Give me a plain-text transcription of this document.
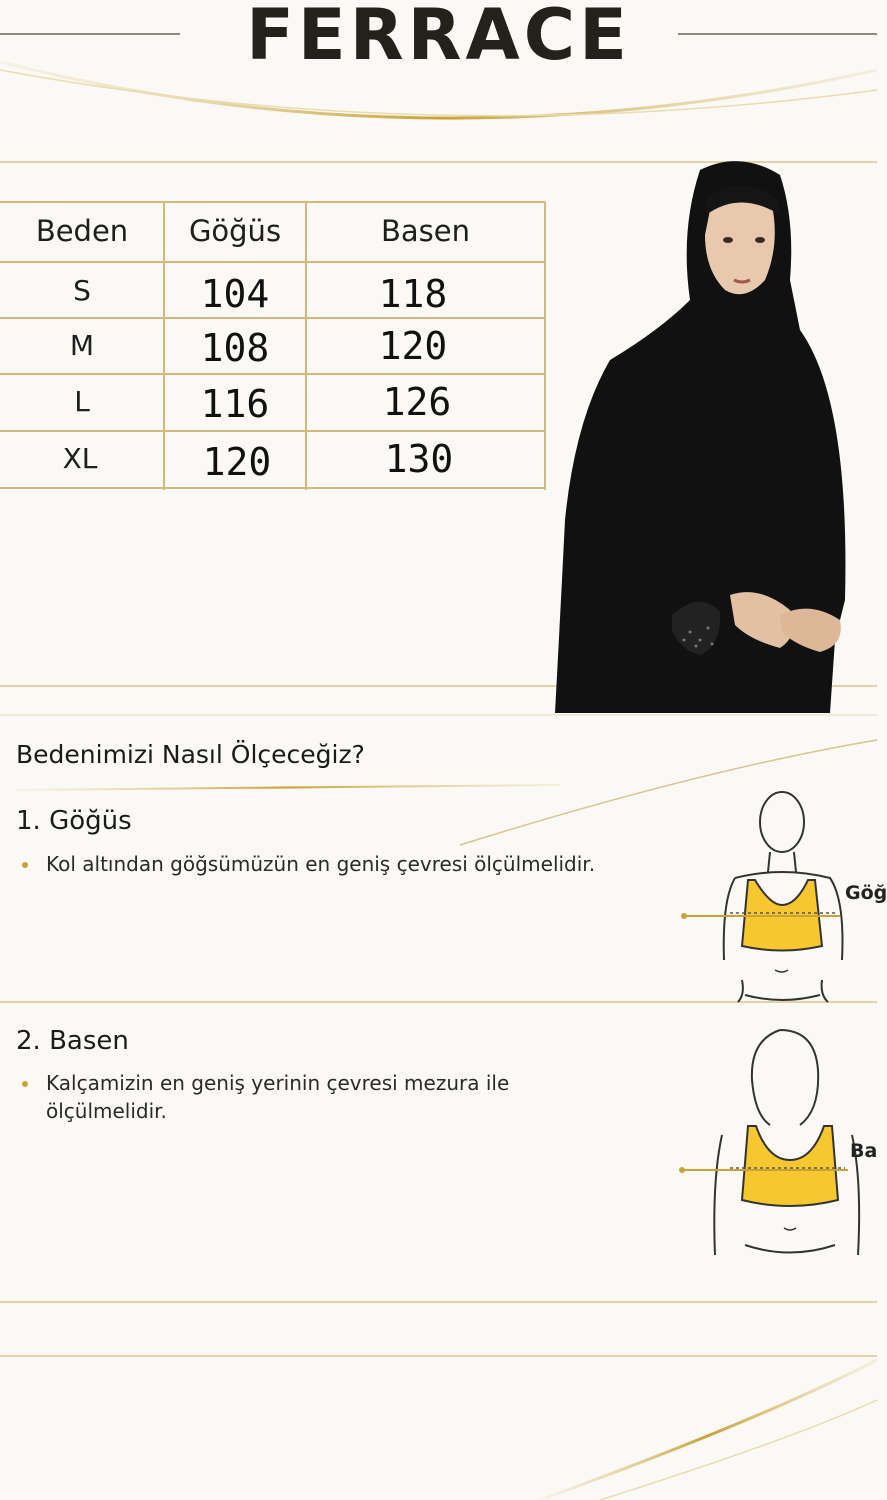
FERRACE
Beden	Göğüs	Basen
S	104	118
M	108	120
L	116	126
XL	120	130
Bedenimizi Nasıl Ölçeceğiz?
1. Göğüs
Kol altından göğsümüzün en geniş çevresi ölçülmelidir.
2. Basen
Kalçamizin en geniş yerinin çevresi mezura ile ölçülmelidir.
Göğ
Ba
